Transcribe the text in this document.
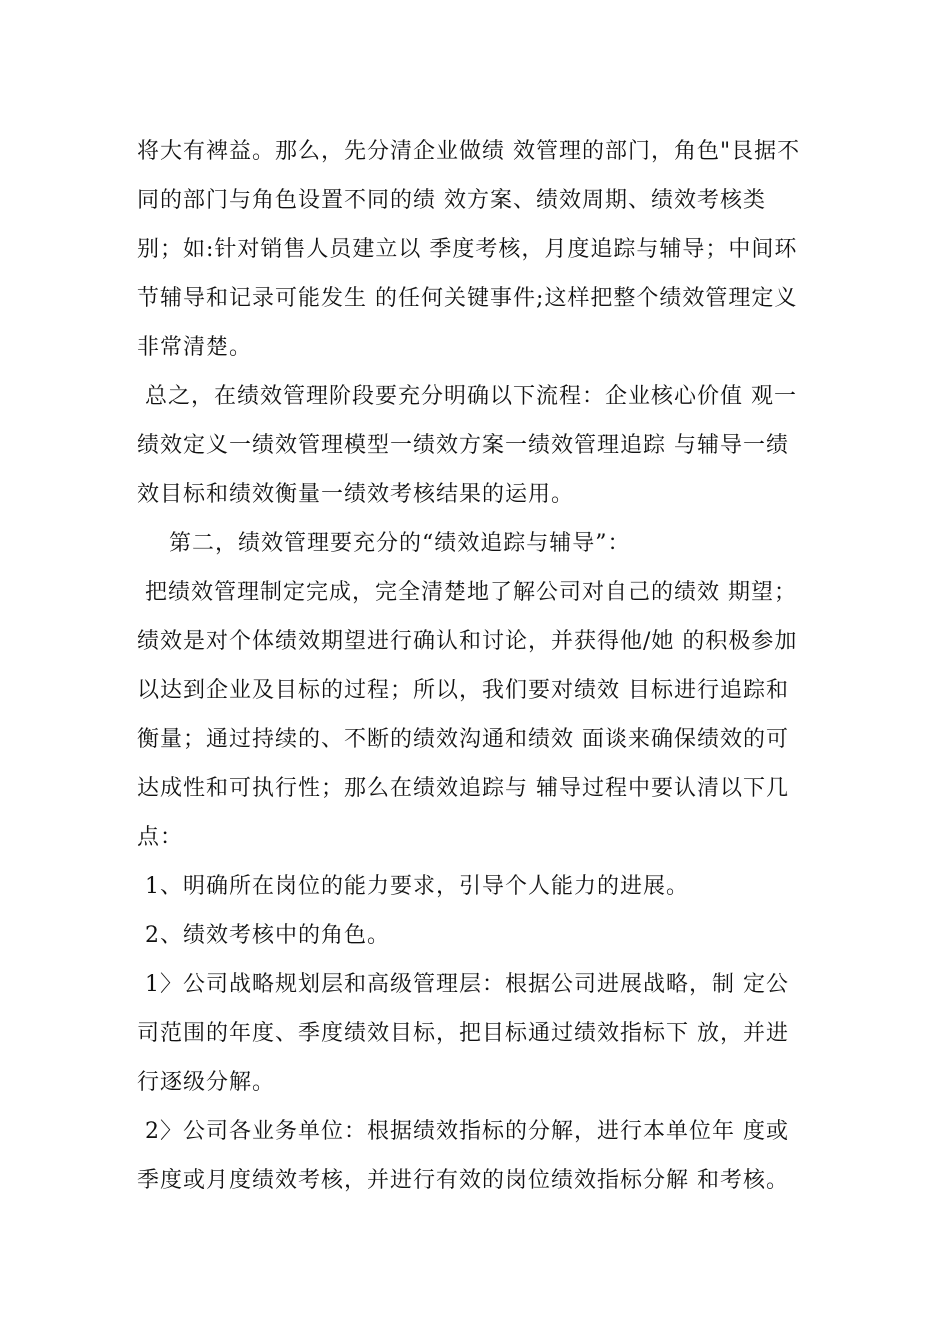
将大有裨益。那么，先分清企业做绩 效管理的部门，角色"艮据不
同的部门与角色设置不同的绩 效方案、绩效周期、绩效考核类
别；如:针对销售人员建立以 季度考核，月度追踪与辅导；中间环
节辅导和记录可能发生 的任何关键事件;这样把整个绩效管理定义
非常清楚。
总之，在绩效管理阶段要充分明确以下流程：企业核心价值 观一
绩效定义一绩效管理模型一绩效方案一绩效管理追踪 与辅导一绩
效目标和绩效衡量一绩效考核结果的运用。
第二，绩效管理要充分的“绩效追踪与辅导”：
把绩效管理制定完成，完全清楚地了解公司对自己的绩效 期望；
绩效是对个体绩效期望进行确认和讨论，并获得他/她 的积极参加
以达到企业及目标的过程；所以，我们要对绩效 目标进行追踪和
衡量；通过持续的、不断的绩效沟通和绩效 面谈来确保绩效的可
达成性和可执行性；那么在绩效追踪与 辅导过程中要认清以下几
点：
1、明确所在岗位的能力要求，引导个人能力的进展。
2、绩效考核中的角色。
1〉公司战略规划层和高级管理层：根据公司进展战略，制 定公
司范围的年度、季度绩效目标，把目标通过绩效指标下 放，并进
行逐级分解。
2〉公司各业务单位：根据绩效指标的分解，进行本单位年 度或
季度或月度绩效考核，并进行有效的岗位绩效指标分解 和考核。
